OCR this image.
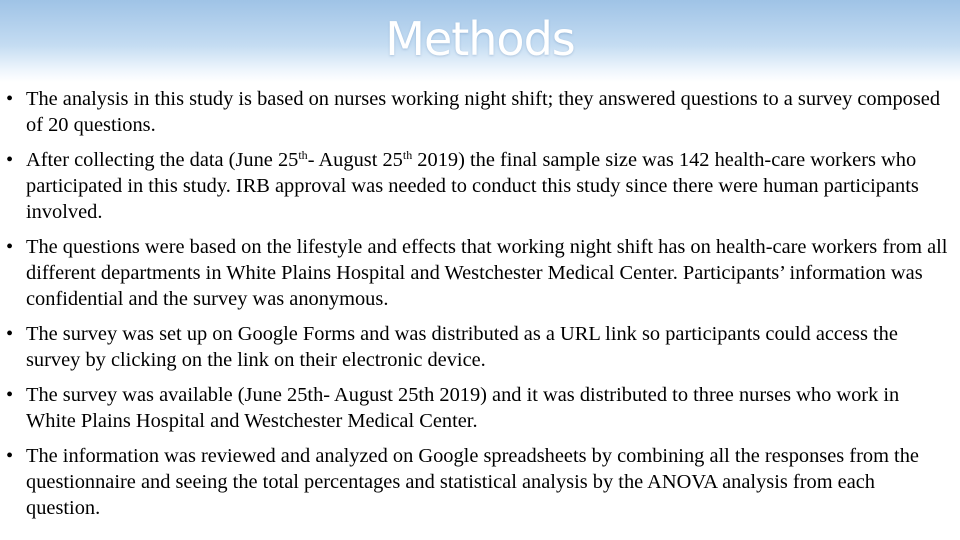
Methods
• The analysis in this study is based on nurses working night shift; they answered questions to a survey composed of 20 questions.
• After collecting the data (June 25th- August 25th 2019) the final sample size was 142 health-care workers who participated in this study. IRB approval was needed to conduct this study since there were human participants involved.
• The questions were based on the lifestyle and effects that working night shift has on health-care workers from all different departments in White Plains Hospital and Westchester Medical Center. Participants’ information was confidential and the survey was anonymous.
• The survey was set up on Google Forms and was distributed as a URL link so participants could access the survey by clicking on the link on their electronic device.
• The survey was available (June 25th- August 25th 2019) and it was distributed to three nurses who work in White Plains Hospital and Westchester Medical Center.
• The information was reviewed and analyzed on Google spreadsheets by combining all the responses from the questionnaire and seeing the total percentages and statistical analysis by the ANOVA analysis from each question.
